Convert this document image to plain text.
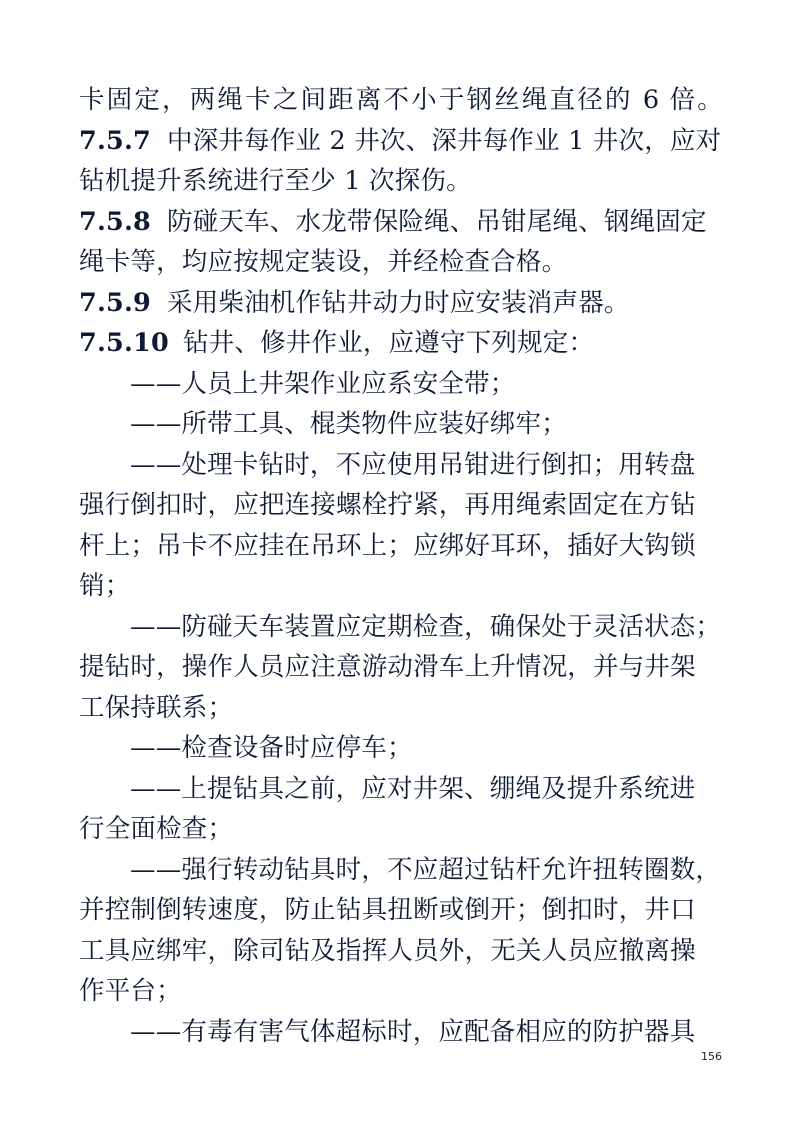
卡固定，两绳卡之间距离不小于钢丝绳直径的 6 倍。
7.5.7 中深井每作业 2 井次、深井每作业 1 井次，应对
钻机提升系统进行至少 1 次探伤。
7.5.8 防碰天车、水龙带保险绳、吊钳尾绳、钢绳固定
绳卡等，均应按规定装设，并经检查合格。
7.5.9 采用柴油机作钻井动力时应安装消声器。
7.5.10 钻井、修井作业，应遵守下列规定：
——人员上井架作业应系安全带；
——所带工具、棍类物件应装好绑牢；
——处理卡钻时，不应使用吊钳进行倒扣；用转盘
强行倒扣时，应把连接螺栓拧紧，再用绳索固定在方钻
杆上；吊卡不应挂在吊环上；应绑好耳环，插好大钩锁
销；
——防碰天车装置应定期检查，确保处于灵活状态；
提钻时，操作人员应注意游动滑车上升情况，并与井架
工保持联系；
——检查设备时应停车；
——上提钻具之前，应对井架、绷绳及提升系统进
行全面检查；
——强行转动钻具时，不应超过钻杆允许扭转圈数，
并控制倒转速度，防止钻具扭断或倒开；倒扣时，井口
工具应绑牢，除司钻及指挥人员外，无关人员应撤离操
作平台；
——有毒有害气体超标时，应配备相应的防护器具
156
